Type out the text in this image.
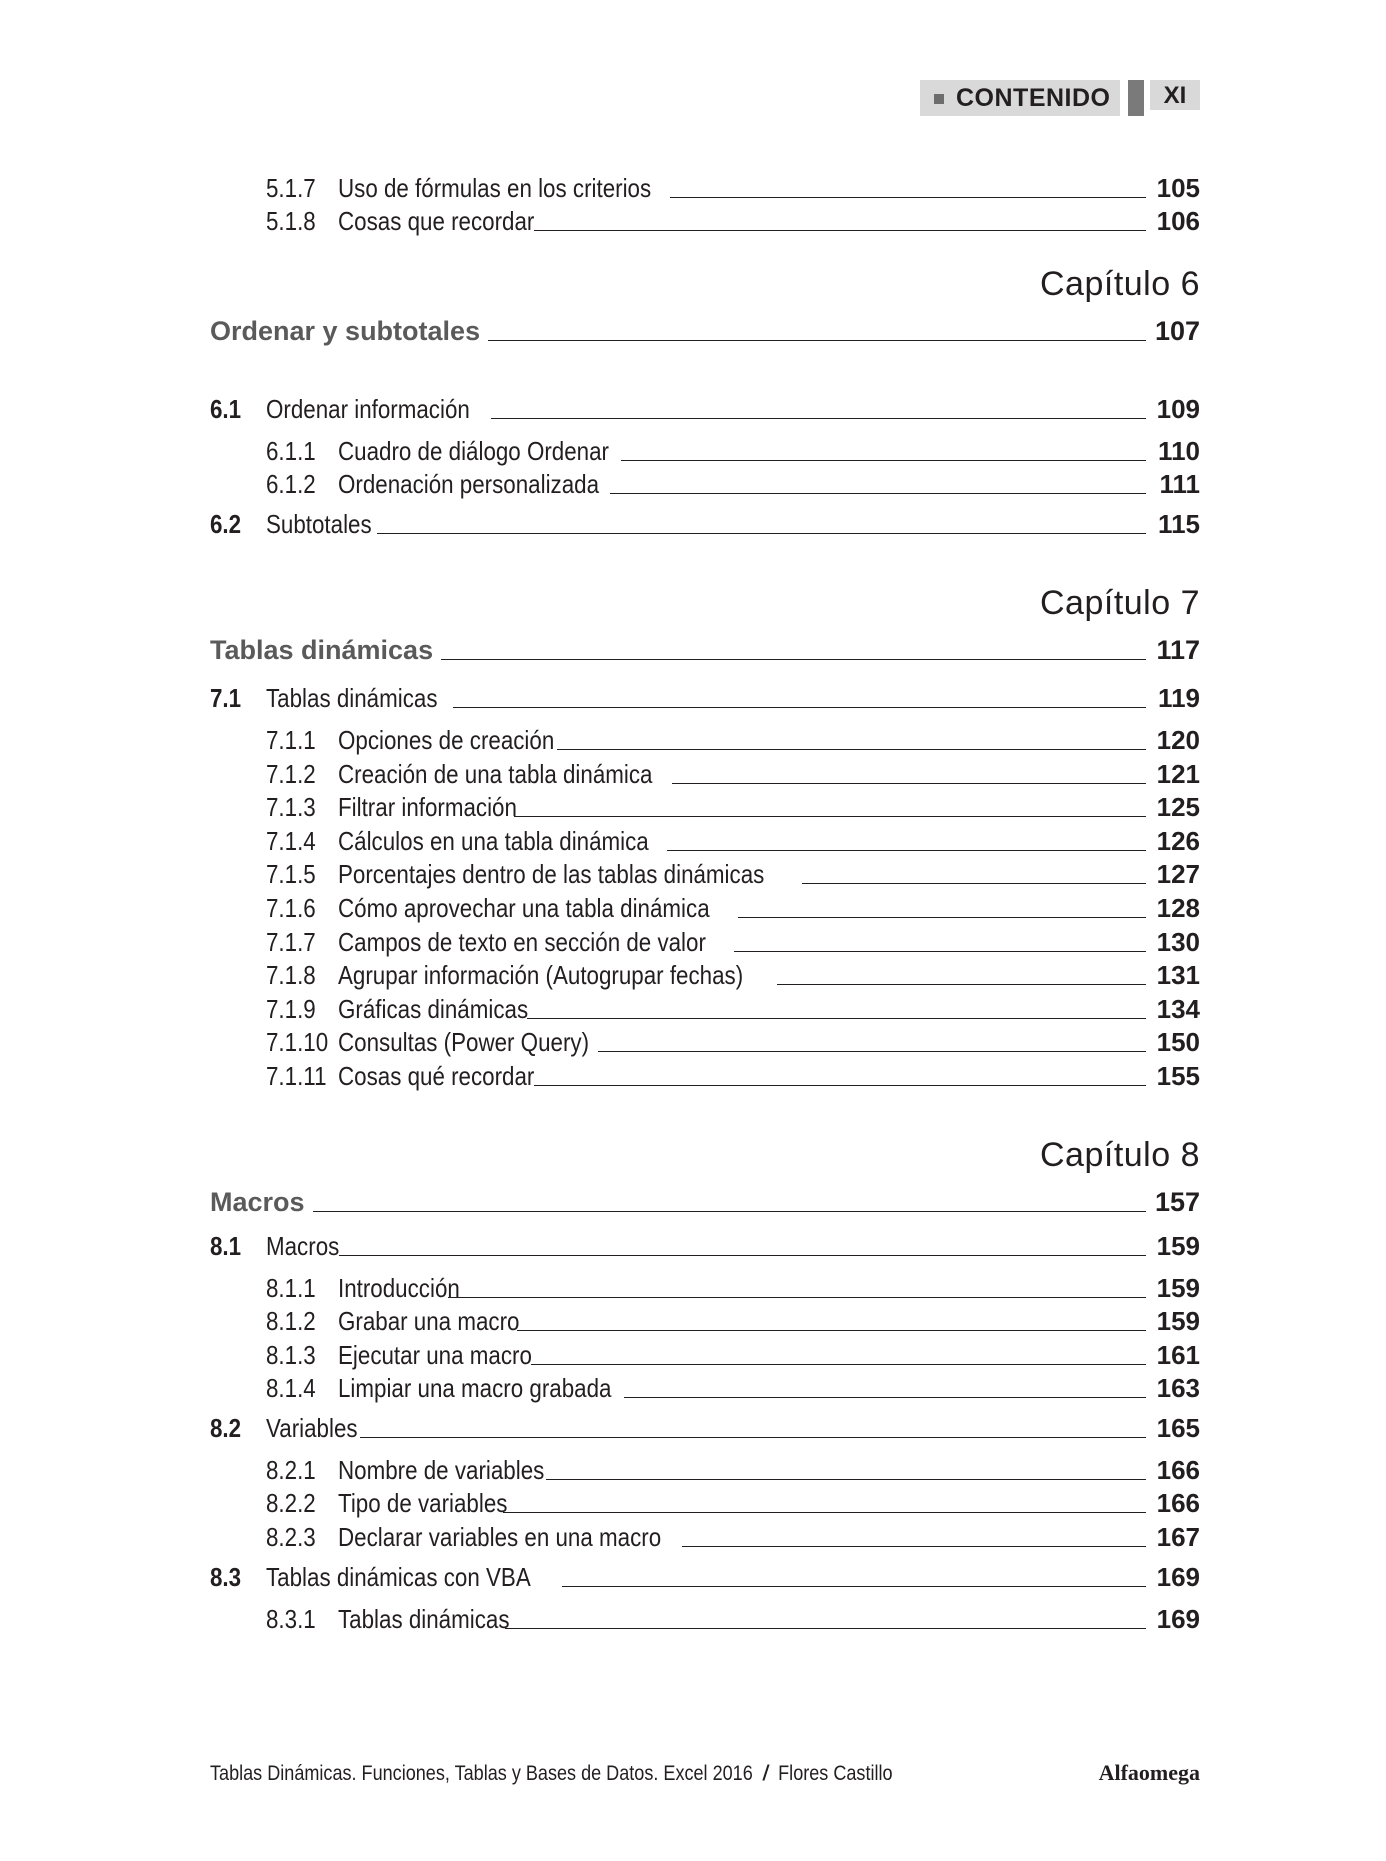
CONTENIDO	XI
5.1.7 Uso de fórmulas en los criterios	105
5.1.8 Cosas que recordar	106
Capítulo 6
Ordenar y subtotales	107
6.1 Ordenar información	109
6.1.1 Cuadro de diálogo Ordenar	110
6.1.2 Ordenación personalizada	111
6.2 Subtotales	115
Capítulo 7
Tablas dinámicas	117
7.1 Tablas dinámicas	119
7.1.1 Opciones de creación	120
7.1.2 Creación de una tabla dinámica	121
7.1.3 Filtrar información	125
7.1.4 Cálculos en una tabla dinámica	126
7.1.5 Porcentajes dentro de las tablas dinámicas	127
7.1.6 Cómo aprovechar una tabla dinámica	128
7.1.7 Campos de texto en sección de valor	130
7.1.8 Agrupar información (Autogrupar fechas)	131
7.1.9 Gráficas dinámicas	134
7.1.10 Consultas (Power Query)	150
7.1.11 Cosas qué recordar	155
Capítulo 8
Macros	157
8.1 Macros	159
8.1.1 Introducción	159
8.1.2 Grabar una macro	159
8.1.3 Ejecutar una macro	161
8.1.4 Limpiar una macro grabada	163
8.2 Variables	165
8.2.1 Nombre de variables	166
8.2.2 Tipo de variables	166
8.2.3 Declarar variables en una macro	167
8.3 Tablas dinámicas con VBA	169
8.3.1 Tablas dinámicas	169
Tablas Dinámicas. Funciones, Tablas y Bases de Datos. Excel 2016 / Flores Castillo	Alfaomega
